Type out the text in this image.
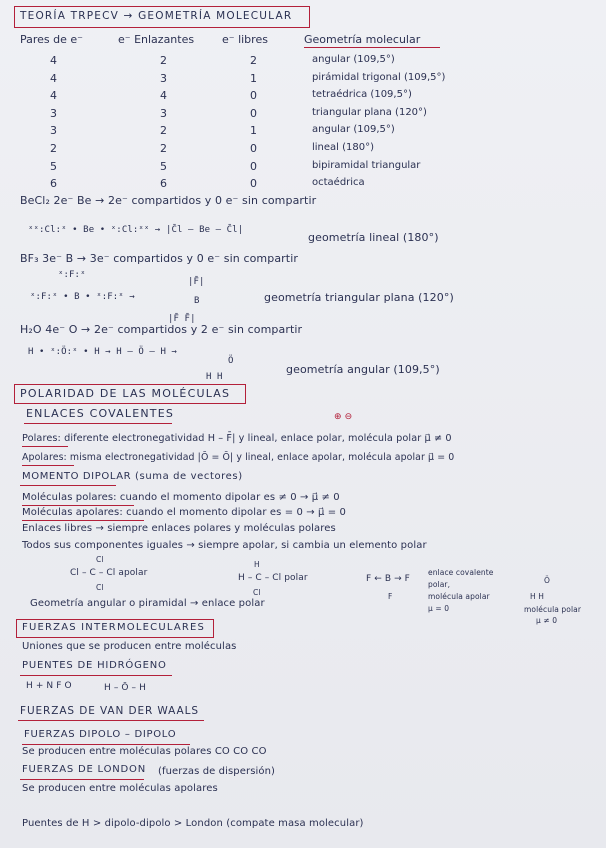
TEORÍA TRPECV → GEOMETRÍA MOLECULAR
Pares de e⁻	e⁻ Enlazantes	e⁻ libres	Geometría molecular
4	2	2	angular (109,5°)
4	3	1	pirámidal trigonal (109,5°)
4	4	0	tetraédrica (109,5°)
3	3	0	triangular plana (120°)
3	2	1	angular (109,5°)
2	2	0	lineal (180°)
5	5	0	bipiramidal triangular
6	6	0	octaédrica
BeCl₂ 2e⁻ Be → 2e⁻ compartidos y 0 e⁻ sin compartir
ˣˣ:Cl:ˣ • Be • ˣ:Cl:ˣˣ → |C̄l – Be – C̄l|
geometría lineal (180°)
BF₃ 3e⁻ B → 3e⁻ compartidos y 0 e⁻ sin compartir
ˣ:F:ˣ
ˣ:F:ˣ • B • ˣ:F:ˣ →
|F̄|
B
|F̄ F̄|
geometría triangular plana (120°)
H₂O 4e⁻ O → 2e⁻ compartidos y 2 e⁻ sin compartir
H • ˣ:Ö:ˣ • H → H – Ö – H →
Ö
H H
geometría angular (109,5°)
POLARIDAD DE LAS MOLÉCULAS
ENLACES COVALENTES	⊕ ⊖
Polares: diferente electronegatividad H – F̄| y lineal, enlace polar, molécula polar μ⃗ ≠ 0
Apolares: misma electronegatividad |Ō = Ō| y lineal, enlace apolar, molécula apolar μ⃗ = 0
MOMENTO DIPOLAR (suma de vectores)
Moléculas polares: cuando el momento dipolar es ≠ 0 → μ⃗ ≠ 0
Moléculas apolares: cuando el momento dipolar es = 0 → μ⃗ = 0
Enlaces libres → siempre enlaces polares y moléculas polares
Todos sus componentes iguales → siempre apolar, si cambia un elemento polar
Cl
Cl – C – Cl apolar
Cl
H
H – C – Cl polar
Cl
F ← B → F
F
enlace covalente
polar,
molécula apolar
μ = 0
Ö
H H
molécula polar
μ ≠ 0
Geometría angular o piramidal → enlace polar
FUERZAS INTERMOLECULARES
Uniones que se producen entre moléculas
PUENTES DE HIDRÓGENO
H + N F O	H – Ō – H
FUERZAS DE VAN DER WAALS
FUERZAS DIPOLO – DIPOLO
Se producen entre moléculas polares CO CO CO
FUERZAS DE LONDON (fuerzas de dispersión)
Se producen entre moléculas apolares
Puentes de H > dipolo-dipolo > London (compate masa molecular)
